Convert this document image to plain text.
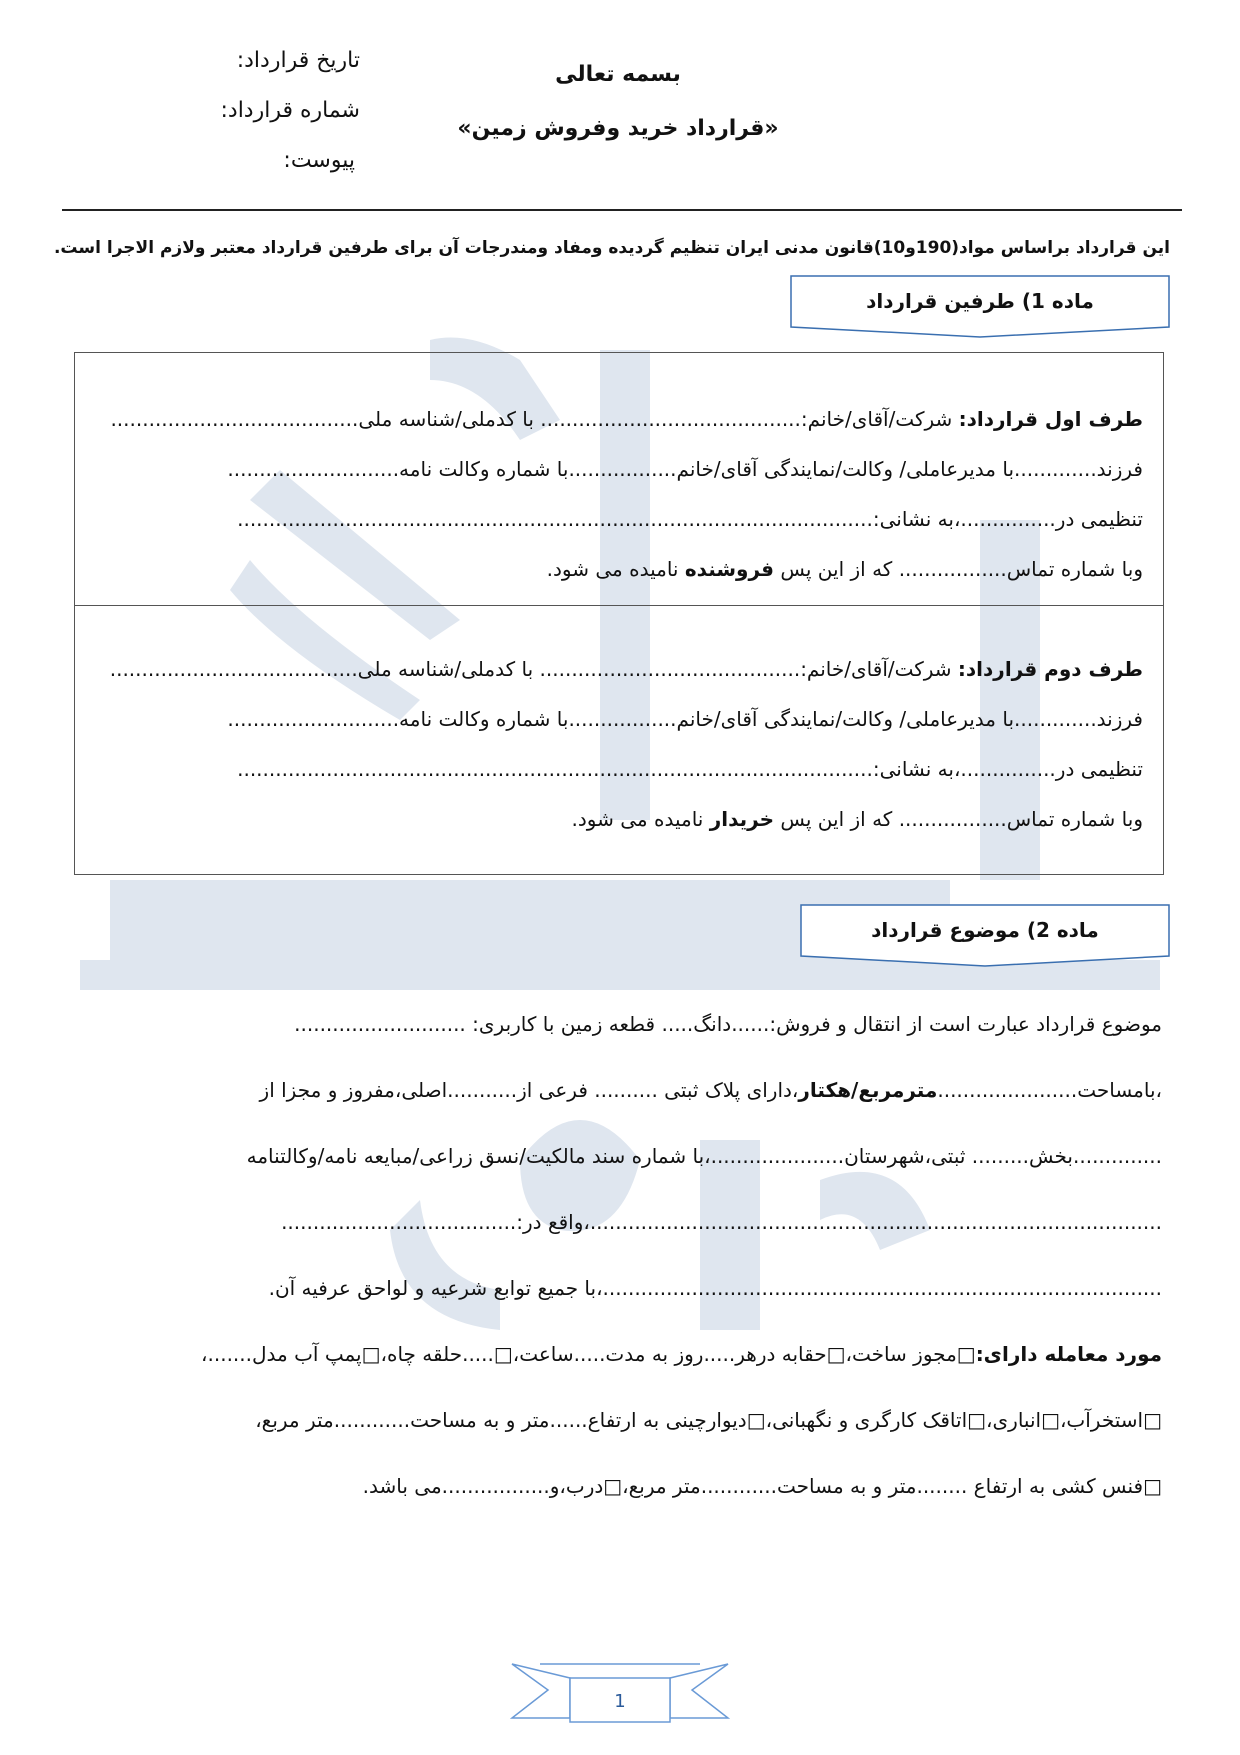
تاریخ قرارداد:
شماره قرارداد:
پیوست:
بسمه تعالی
«قرارداد خرید وفروش زمین»
این قرارداد براساس مواد(190و10)قانون مدنی ایران تنظیم گردیده ومفاد ومندرجات آن برای طرفین قرارداد معتبر ولازم الاجرا است.
ماده 1) طرفین قرارداد
طرف اول قرارداد: شرکت/آقای/خانم:......................................... با کدملی/شناسه ملی.......................................
فرزند.............با مدیرعاملی/ وکالت/نمایندگی آقای/خانم.................با شماره وکالت نامه...........................
تنظیمی در...............،به نشانی:....................................................................................................
وبا شماره تماس................. که از این پس فروشنده نامیده می شود.
طرف دوم قرارداد: شرکت/آقای/خانم:......................................... با کدملی/شناسه ملی.......................................
فرزند.............با مدیرعاملی/ وکالت/نمایندگی آقای/خانم.................با شماره وکالت نامه...........................
تنظیمی در...............،به نشانی:....................................................................................................
وبا شماره تماس................. که از این پس خریدار نامیده می شود.
ماده 2) موضوع قرارداد
موضوع قرارداد عبارت است از انتقال و فروش:......دانگ..... قطعه زمین با کاربری: ...........................
،بامساحت......................مترمربع/هکتار،دارای پلاک ثبتی .......... فرعی از...........اصلی،مفروز و مجزا از
..............بخش......... ثبتی،شهرستان.....................،با شماره سند مالکیت/نسق زراعی/مبایعه نامه/وکالتنامه
..........................................................................................،واقع در:.....................................
........................................................................................،با جمیع توابع شرعیه و لواحق عرفیه آن.
مورد معامله دارای:□مجوز ساخت،□حقابه درهر.....روز به مدت.....ساعت،□.....حلقه چاه،□پمپ آب مدل.......،
□استخرآب،□انباری،□اتاقک کارگری و نگهبانی،□دیوارچینی به ارتفاع......متر و به مساحت............متر مربع،
□فنس کشی به ارتفاع ........متر و به مساحت............متر مربع،□درب،و.................می باشد.
1
